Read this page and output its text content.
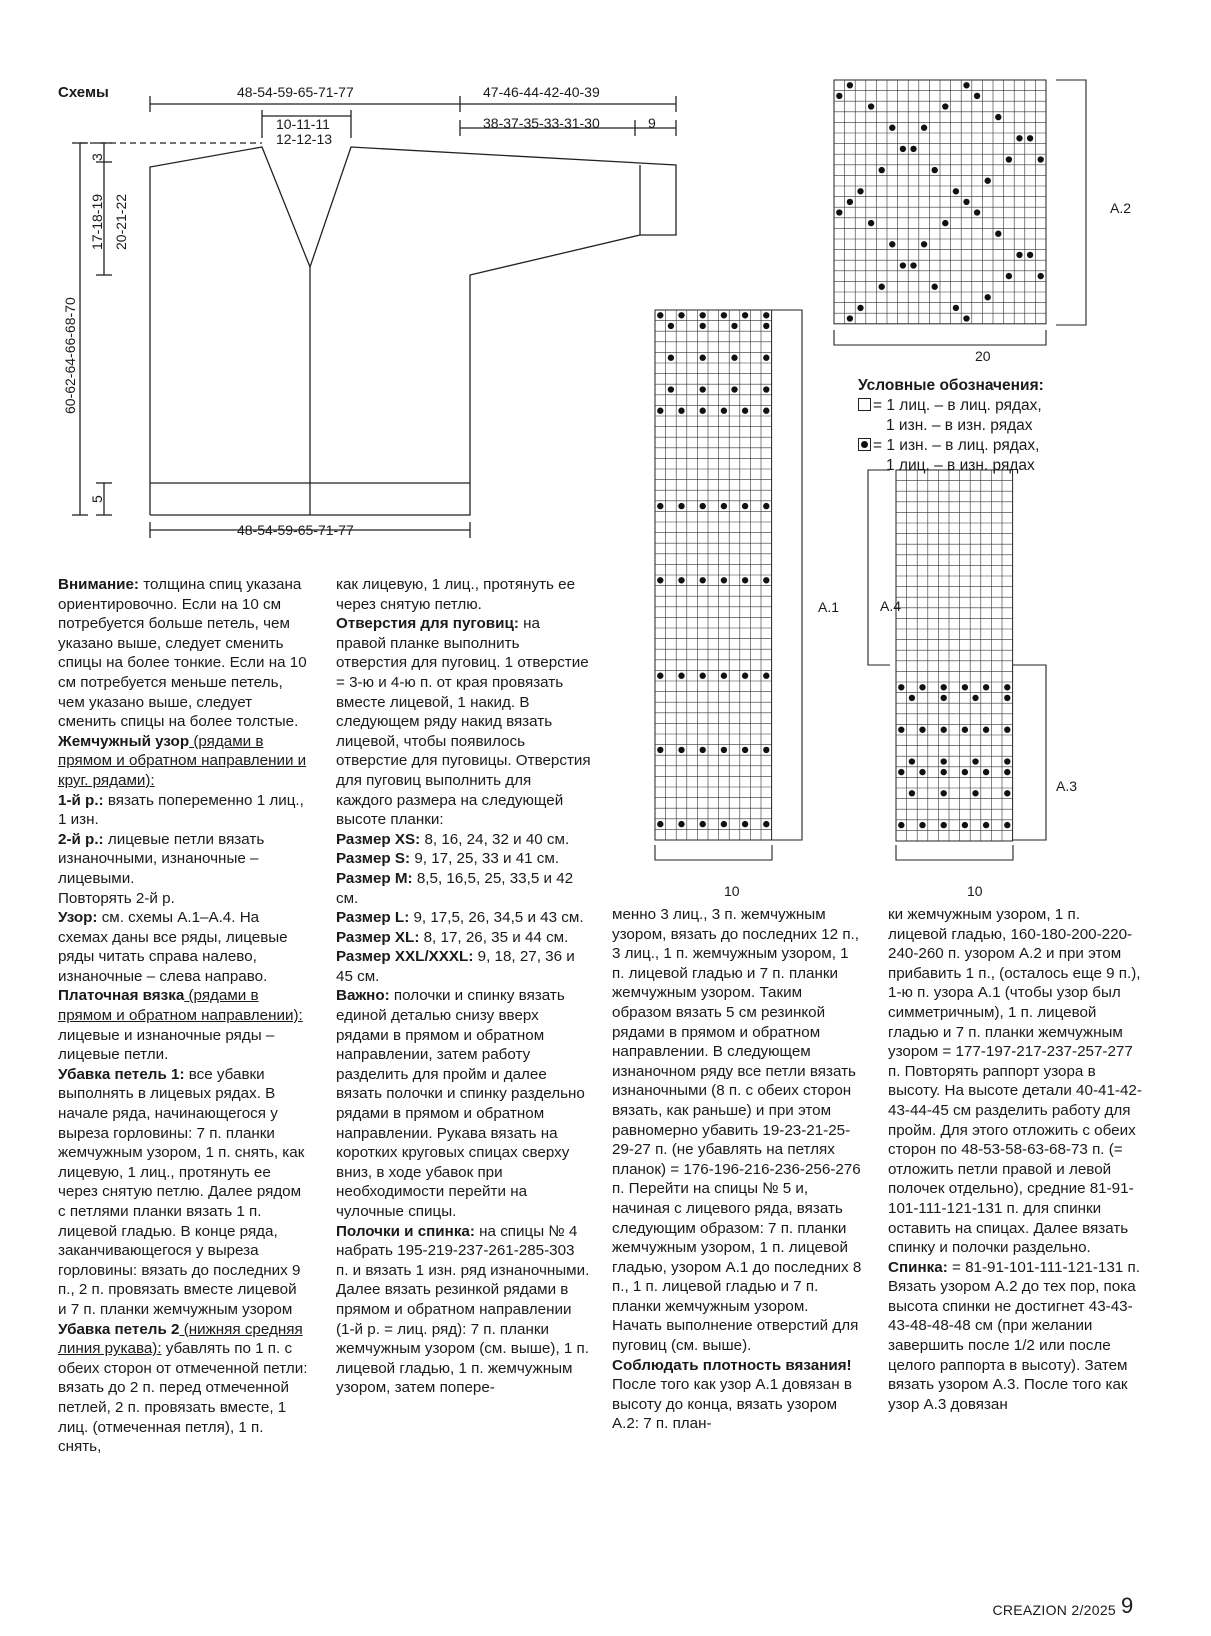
Схемы	48-54-59-65-71-77	47-46-44-42-40-39
10-11-11
12-12-13
38-37-35-33-31-30	9
3
17-18-19 20-21-22
60-62-64-66-68-70
5
48-54-59-65-71-77
A.1
10
A.2
20
A.3
A.4
10
Условные обозначения:
= 1 лиц. – в лиц. рядах,
1 изн. – в изн. рядах
= 1 изн. – в лиц. рядах,
1 лиц. – в изн. рядах

Внимание: толщина спиц указана ориентировочно. Если на 10 см потребуется больше петель, чем указано выше, следует сменить спицы на более тонкие. Если на 10 см потребуется меньше петель, чем указано выше, следует сменить спицы на более толстые.

Жемчужный узор (рядами в прямом и обратном направлении и круг. рядами):

1-й р.: вязать попеременно 1 лиц., 1 изн.

2-й р.: лицевые петли вязать изнаночными, изнаночные – лицевыми.

Повторять 2-й р.

Узор: см. схемы A.1–A.4. На схемах даны все ряды, лицевые ряды читать справа налево, изнаночные – слева направо.

Платочная вязка (рядами в прямом и обратном направлении): лицевые и изнаночные ряды – лицевые петли.

Убавка петель 1: все убавки выполнять в лицевых рядах. В начале ряда, начинающегося у выреза горловины: 7 п. планки жемчужным узором, 1 п. снять, как лицевую, 1 лиц., протянуть ее через снятую петлю. Далее рядом с петлями планки вязать 1 п. лицевой гладью. В конце ряда, заканчивающегося у выреза горловины: вязать до последних 9 п., 2 п. провязать вместе лицевой и 7 п. планки жемчужным узором

Убавка петель 2 (нижняя средняя линия рукава): убавлять по 1 п. с обеих сторон от отмеченной петли: вязать до 2 п. перед отмеченной петлей, 2 п. провязать вместе, 1 лиц. (отмеченная петля), 1 п. снять,

как лицевую, 1 лиц., протянуть ее через снятую петлю.

Отверстия для пуговиц: на правой планке выполнить отверстия для пуговиц. 1 отверстие = 3-ю и 4-ю п. от края провязать вместе лицевой, 1 накид. В следующем ряду накид вязать лицевой, чтобы появилось отверстие для пуговицы. Отверстия для пуговиц выполнить для каждого размера на следующей высоте планки:

Размер XS: 8, 16, 24, 32 и 40 см.

Размер S: 9, 17, 25, 33 и 41 см.

Размер M: 8,5, 16,5, 25, 33,5 и 42 см.

Размер L: 9, 17,5, 26, 34,5 и 43 см.

Размер XL: 8, 17, 26, 35 и 44 см.

Размер XXL/XXXL: 9, 18, 27, 36 и 45 см.

Важно: полочки и спинку вязать единой деталью снизу вверх рядами в прямом и обратном направлении, затем работу разделить для пройм и далее вязать полочки и спинку раздельно рядами в прямом и обратном направлении. Рукава вязать на коротких круговых спицах сверху вниз, в ходе убавок при необходимости перейти на чулочные спицы.

Полочки и спинка: на спицы № 4 набрать 195-219-237-261-285-303 п. и вязать 1 изн. ряд изнаночными. Далее вязать резинкой рядами в прямом и обратном направлении (1-й р. = лиц. ряд): 7 п. планки жемчужным узором (см. выше), 1 п. лицевой гладью, 1 п. жемчужным узором, затем попере-

менно 3 лиц., 3 п. жемчужным узором, вязать до последних 12 п., 3 лиц., 1 п. жемчужным узором, 1 п. лицевой гладью и 7 п. планки жемчужным узором. Таким образом вязать 5 см резинкой рядами в прямом и обратном направлении. В следующем изнаночном ряду все петли вязать изнаночными (8 п. с обеих сторон вязать, как раньше) и при этом равномерно убавить 19-23-21-25-29-27 п. (не убавлять на петлях планок) = 176-196-216-236-256-276 п. Перейти на спицы № 5 и, начиная с лицевого ряда, вязать следующим образом: 7 п. планки жемчужным узором, 1 п. лицевой гладью, узором A.1 до последних 8 п., 1 п. лицевой гладью и 7 п. планки жемчужным узором. Начать выполнение отверстий для пуговиц (см. выше).

Соблюдать плотность вязания!

После того как узор A.1 довязан в высоту до конца, вязать узором A.2: 7 п. план-

ки жемчужным узором, 1 п. лицевой гладью, 160-180-200-220-240-260 п. узором A.2 и при этом прибавить 1 п., (осталось еще 9 п.), 1-ю п. узора A.1 (чтобы узор был симметричным), 1 п. лицевой гладью и 7 п. планки жемчужным узором = 177-197-217-237-257-277 п. Повторять раппорт узора в высоту. На высоте детали 40-41-42-43-44-45 см разделить работу для пройм. Для этого отложить с обеих сторон по 48-53-58-63-68-73 п. (= отложить петли правой и левой полочек отдельно), средние 81-91-101-111-121-131 п. для спинки оставить на спицах. Далее вязать спинку и полочки раздельно.

Спинка: = 81-91-101-111-121-131 п. Вязать узором A.2 до тех пор, пока высота спинки не достигнет 43-43-43-48-48-48 см (при желании завершить после 1/2 или после целого раппорта в высоту). Затем вязать узором A.3. После того как узор A.3 довязан

CREAZION 2/2025 9
